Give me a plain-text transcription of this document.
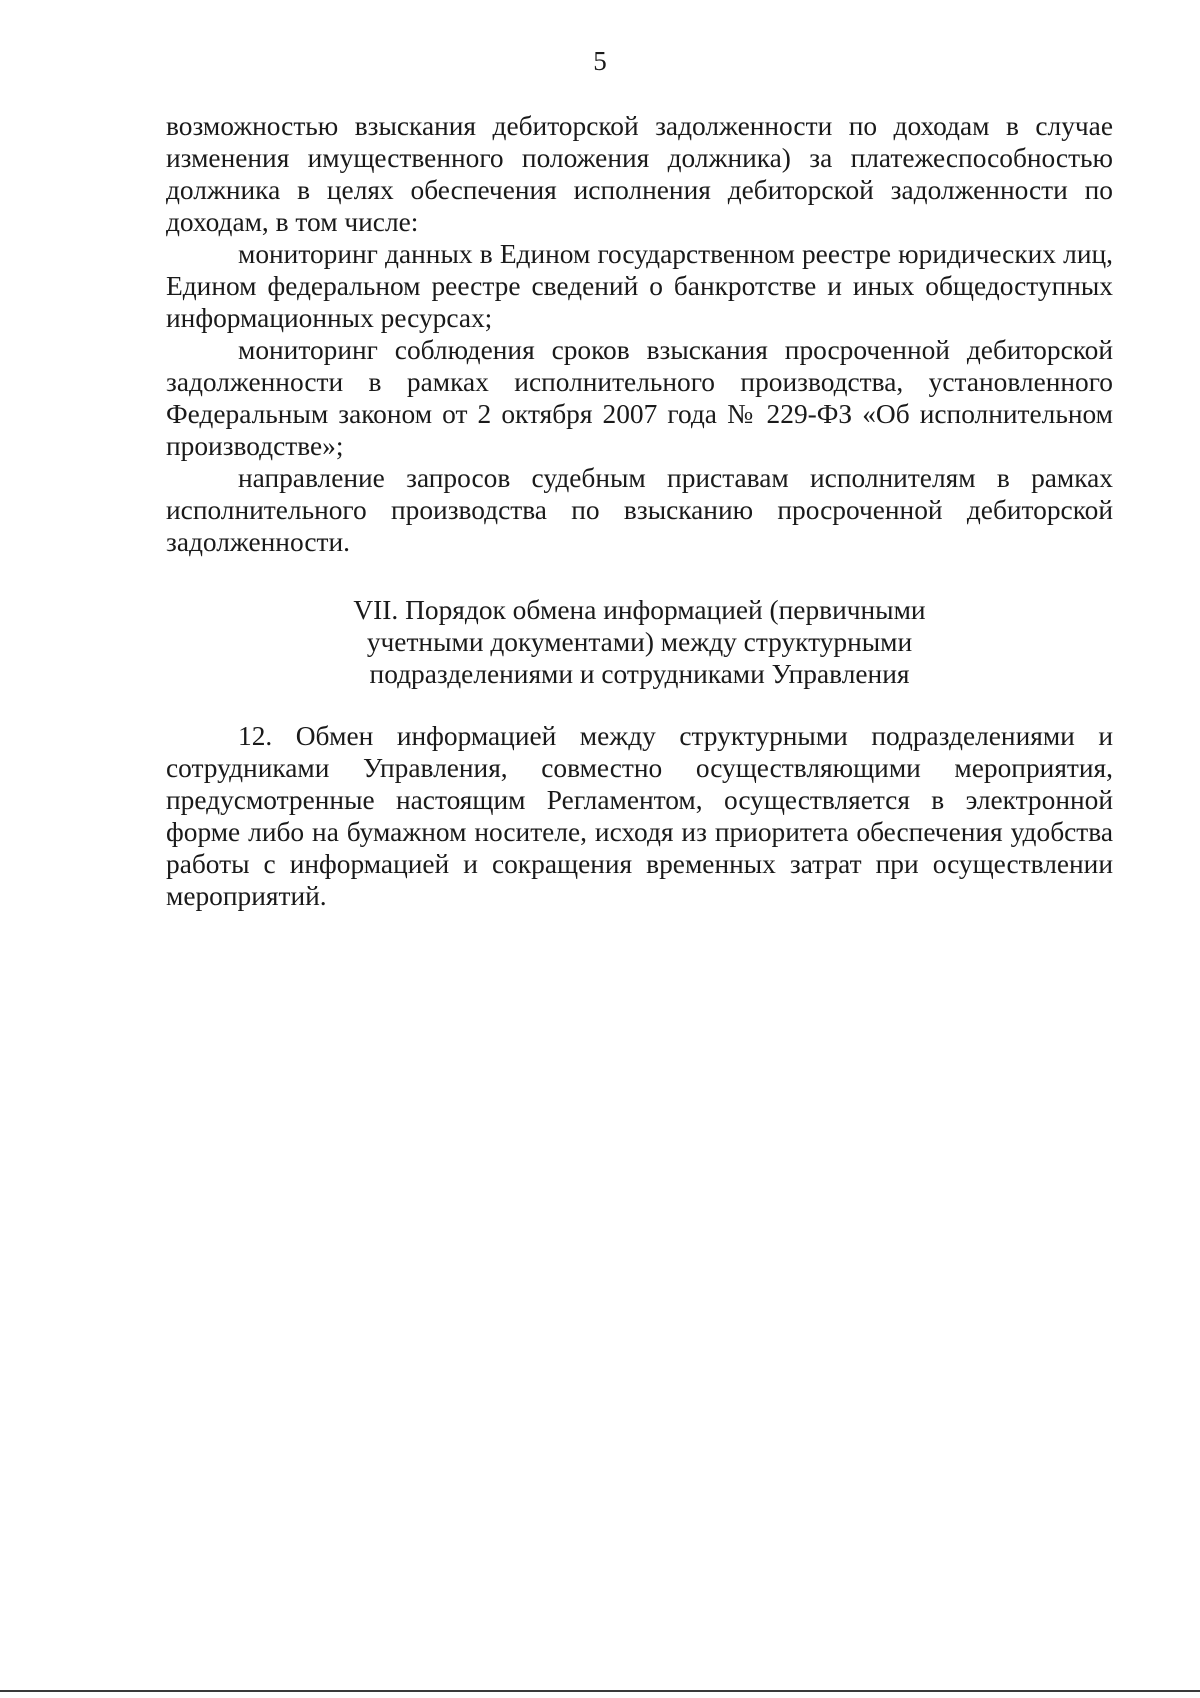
5

возможностью взыскания дебиторской задолженности по доходам в случае изменения имущественного положения должника) за платежеспособностью должника в целях обеспечения исполнения дебиторской задолженности по доходам, в том числе:

мониторинг данных в Едином государственном реестре юридических лиц, Едином федеральном реестре сведений о банкротстве и иных общедоступных информационных ресурсах;

мониторинг соблюдения сроков взыскания просроченной дебиторской задолженности в рамках исполнительного производства, установленного Федеральным законом от 2 октября 2007 года № 229-ФЗ «Об исполнительном производстве»;

направление запросов судебным приставам исполнителям в рамках исполнительного производства по взысканию просроченной дебиторской задолженности.

VII. Порядок обмена информацией (первичными
учетными документами) между структурными
подразделениями и сотрудниками Управления

12. Обмен информацией между структурными подразделениями и сотрудниками Управления, совместно осуществляющими мероприятия, предусмотренные настоящим Регламентом, осуществляется в электронной форме либо на бумажном носителе, исходя из приоритета обеспечения удобства работы с информацией и сокращения временных затрат при осуществлении мероприятий.
